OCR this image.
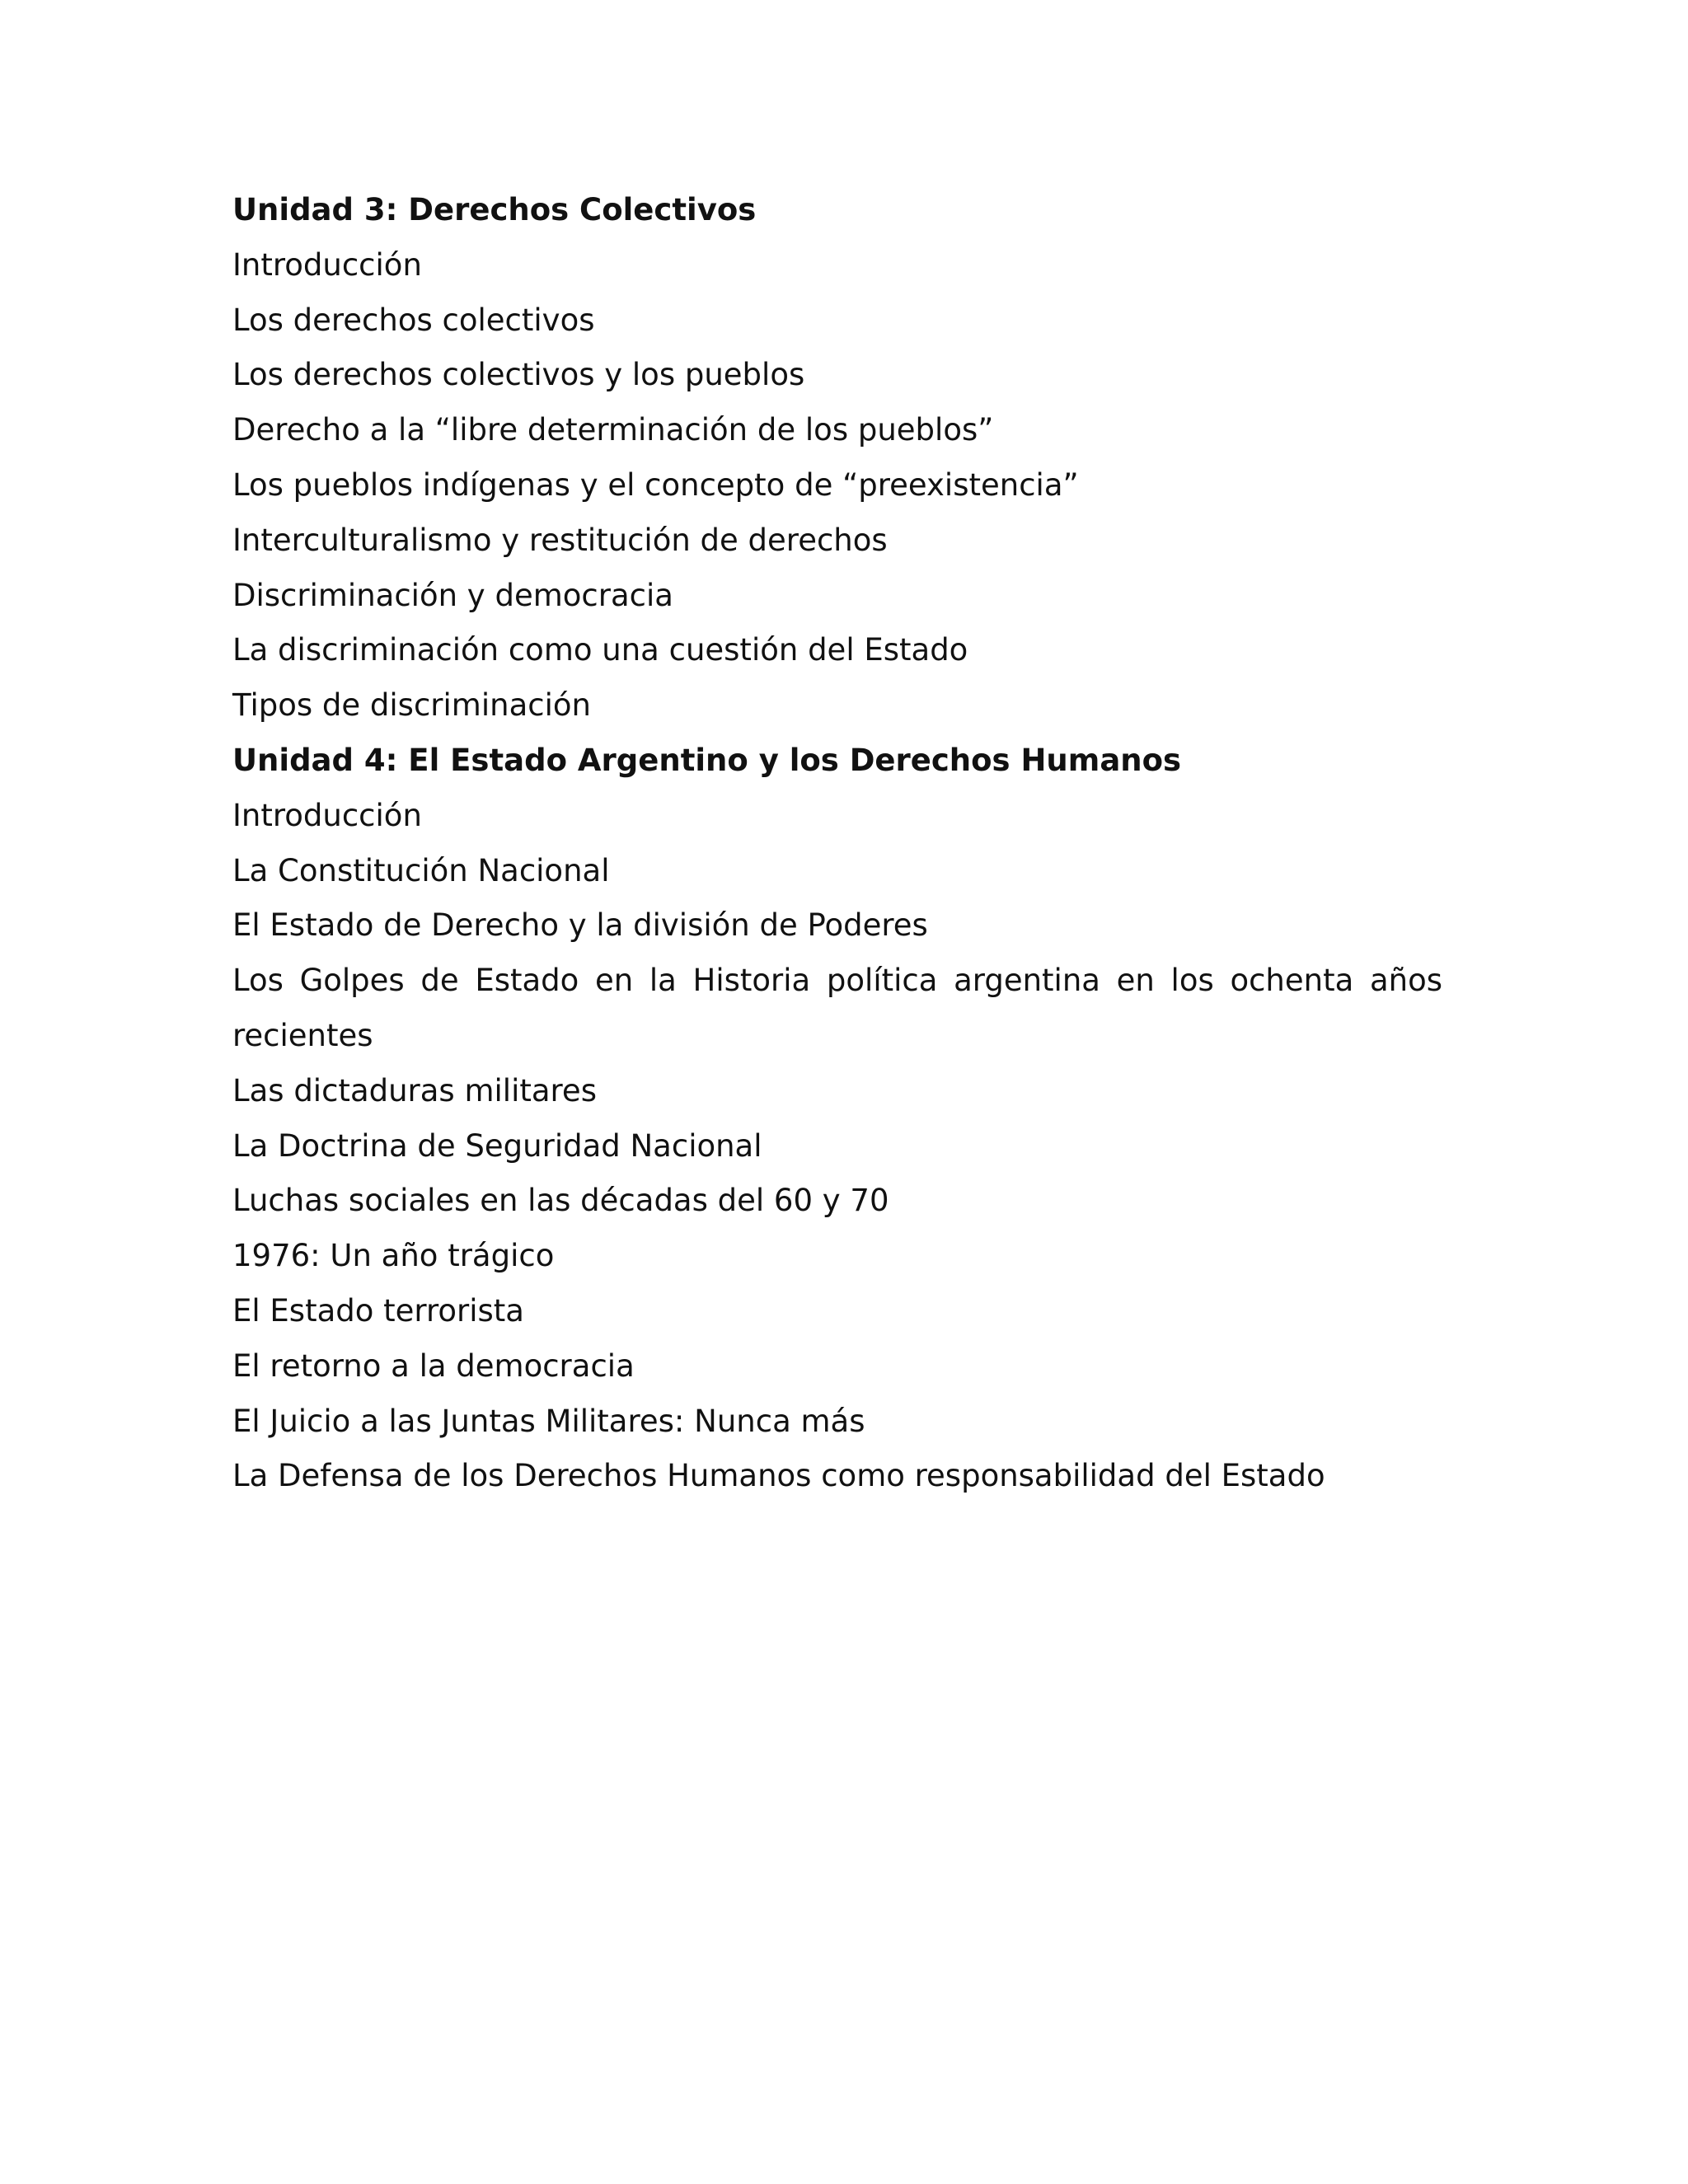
Unidad 3: Derechos Colectivos

Introducción
Los derechos colectivos
Los derechos colectivos y los pueblos
Derecho a la “libre determinación de los pueblos”
Los pueblos indígenas y el concepto de “preexistencia”
Interculturalismo y restitución de derechos
Discriminación y democracia
La discriminación como una cuestión del Estado
Tipos de discriminación

Unidad 4: El Estado Argentino y los Derechos Humanos

Introducción
La Constitución Nacional
El Estado de Derecho y la división de Poderes
Los Golpes de Estado en la Historia política argentina en los ochenta años recientes
Las dictaduras militares
La Doctrina de Seguridad Nacional
Luchas sociales en las décadas del 60 y 70
1976: Un año trágico
El Estado terrorista
El retorno a la democracia
El Juicio a las Juntas Militares: Nunca más
La Defensa de los Derechos Humanos como responsabilidad del Estado
